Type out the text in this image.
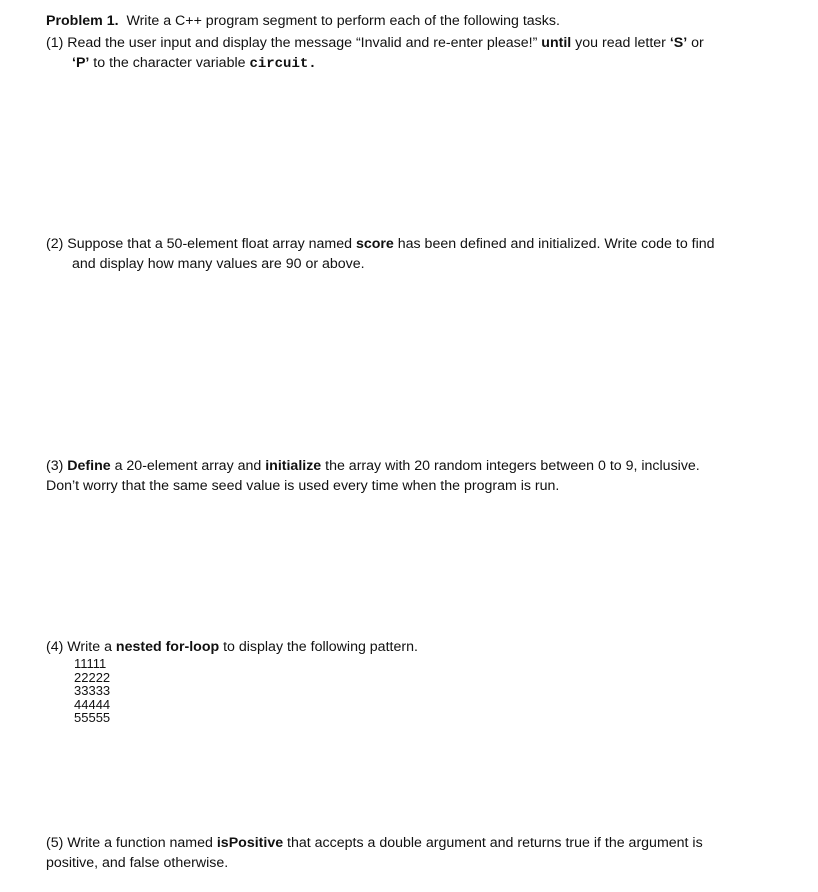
Problem 1. Write a C++ program segment to perform each of the following tasks.
(1) Read the user input and display the message “Invalid and re-enter please!” until you read letter ‘S’ or
‘P’ to the character variable circuit.
(2) Suppose that a 50-element float array named score has been defined and initialized. Write code to find
and display how many values are 90 or above.
(3) Define a 20-element array and initialize the array with 20 random integers between 0 to 9, inclusive.
Don’t worry that the same seed value is used every time when the program is run.
(4) Write a nested for-loop to display the following pattern.
11111
22222
33333
44444
55555
(5) Write a function named isPositive that accepts a double argument and returns true if the argument is
positive, and false otherwise.
